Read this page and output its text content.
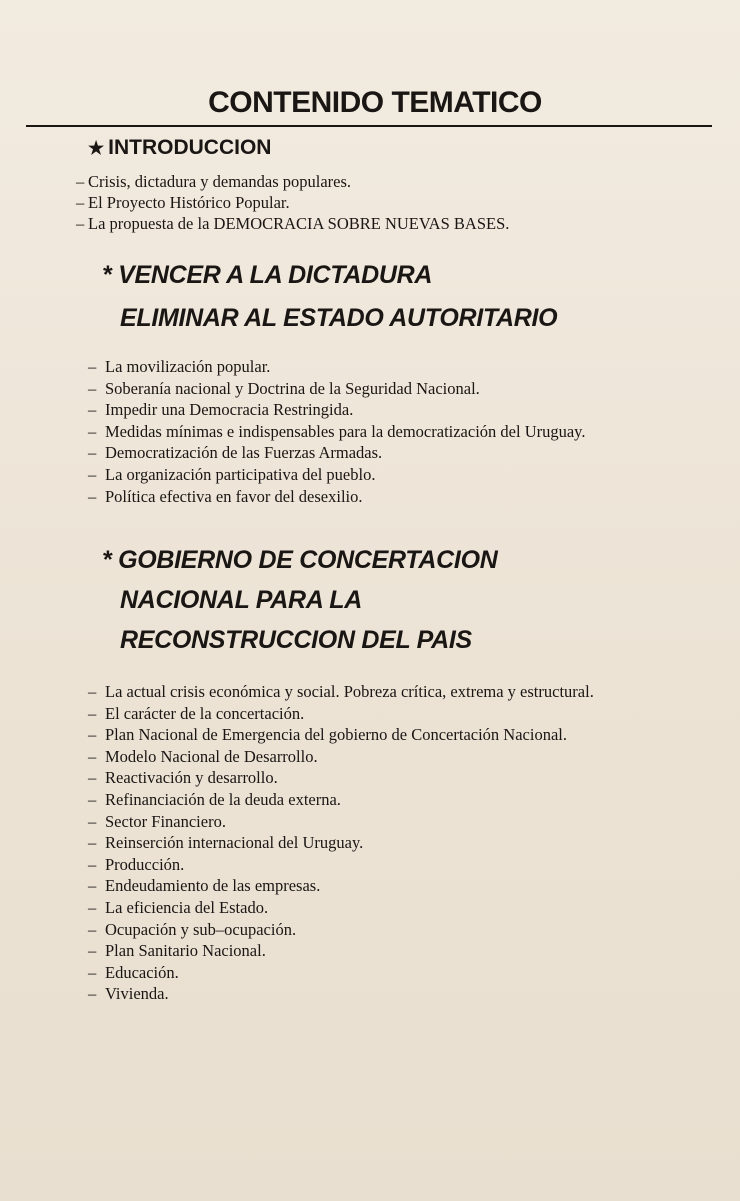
CONTENIDO TEMATICO
★ INTRODUCCION
– Crisis, dictadura y demandas populares.
– El Proyecto Histórico Popular.
– La propuesta de la DEMOCRACIA SOBRE NUEVAS BASES.
* VENCER A LA DICTADURA
ELIMINAR AL ESTADO AUTORITARIO
– La movilización popular.
– Soberanía nacional y Doctrina de la Seguridad Nacional.
– Impedir una Democracia Restringida.
– Medidas mínimas e indispensables para la democratización del Uruguay.
– Democratización de las Fuerzas Armadas.
– La organización participativa del pueblo.
– Política efectiva en favor del desexilio.
* GOBIERNO DE CONCERTACION
NACIONAL PARA LA
RECONSTRUCCION DEL PAIS
– La actual crisis económica y social. Pobreza crítica, extrema y estructural.
– El carácter de la concertación.
– Plan Nacional de Emergencia del gobierno de Concertación Nacional.
– Modelo Nacional de Desarrollo.
– Reactivación y desarrollo.
– Refinanciación de la deuda externa.
– Sector Financiero.
– Reinserción internacional del Uruguay.
– Producción.
– Endeudamiento de las empresas.
– La eficiencia del Estado.
– Ocupación y sub–ocupación.
– Plan Sanitario Nacional.
– Educación.
– Vivienda.
